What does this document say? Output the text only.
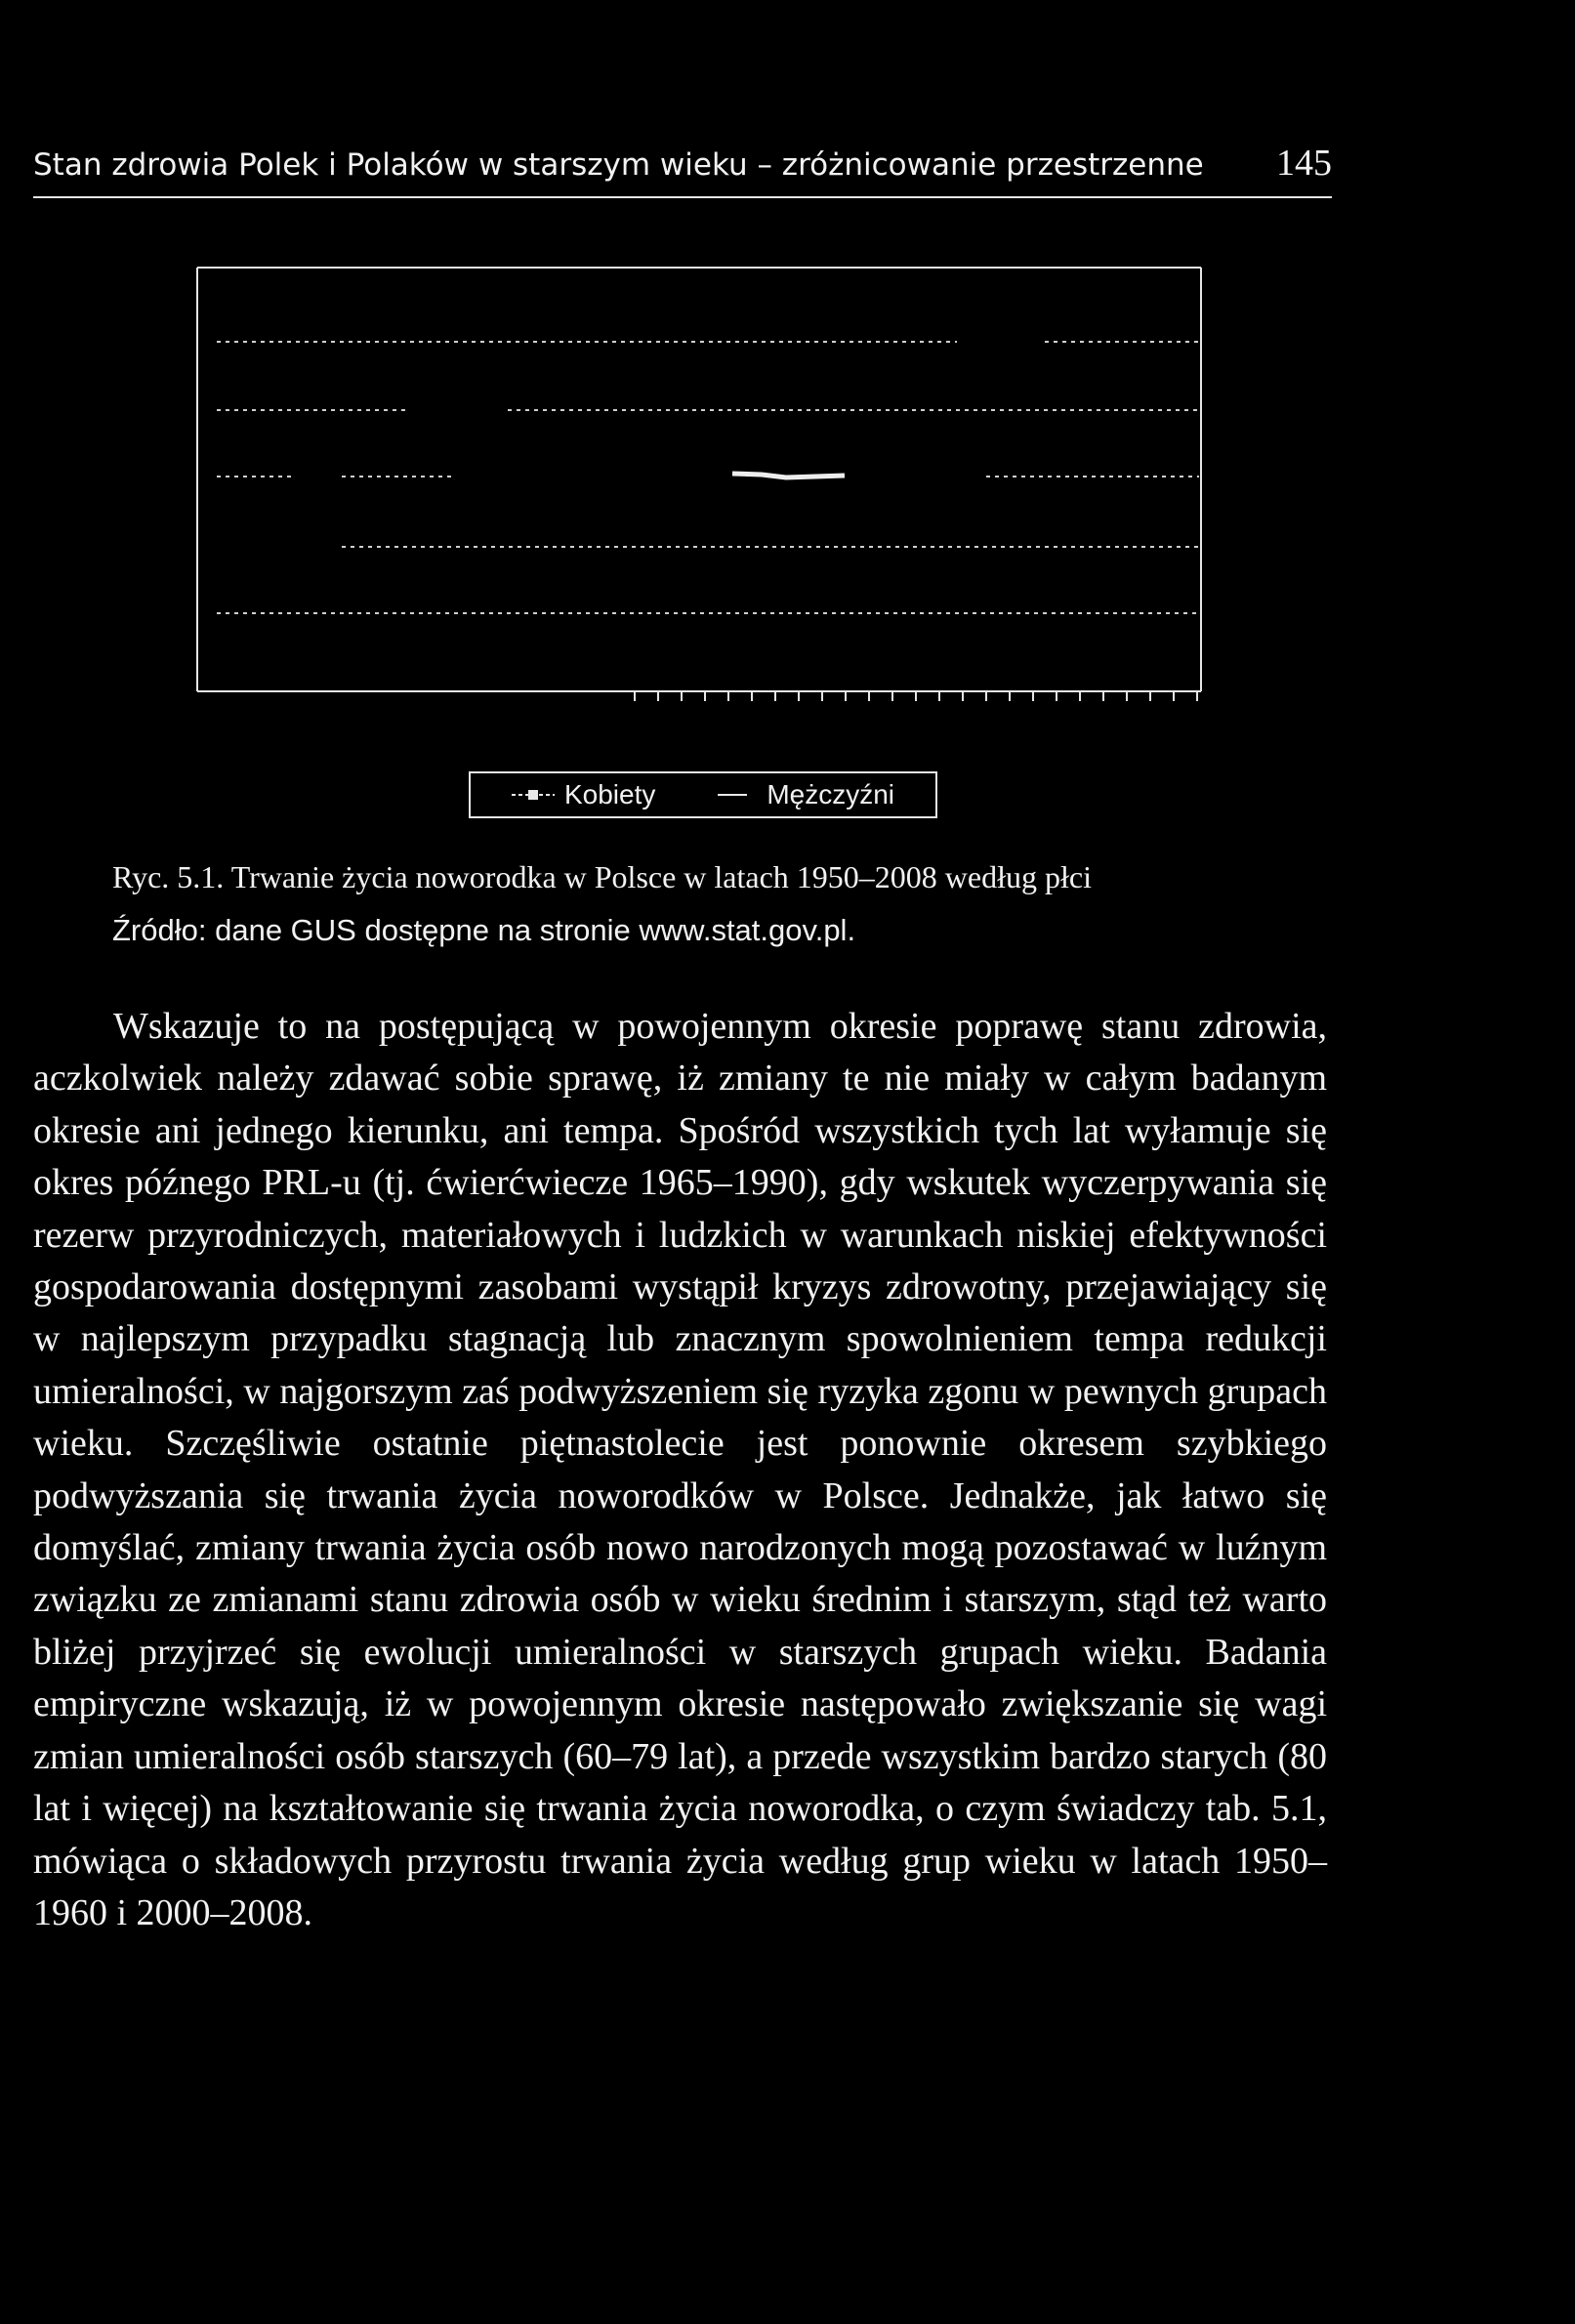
Stan zdrowia Polek i Polaków w starszym wieku – zróżnicowanie przestrzenne 145
Kobiety	Mężczyźni
Ryc. 5.1. Trwanie życia noworodka w Polsce w latach 1950–2008 według płci
Źródło: dane GUS dostępne na stronie www.stat.gov.pl.

Wskazuje to na postępującą w powojennym okresie poprawę stanu zdrowia, aczkolwiek należy zdawać sobie sprawę, iż zmiany te nie miały w całym badanym okresie ani jednego kierunku, ani tempa. Spośród wszystkich tych lat wyłamuje się okres późnego PRL-u (tj. ćwierćwiecze 1965–1990), gdy wskutek wyczerpywania się rezerw przyrodniczych, materiałowych i ludzkich w warunkach niskiej efektywności gospodarowania dostępnymi zasobami wystąpił kryzys zdrowotny, przejawiający się w najlepszym przypadku stagnacją lub znacznym spowolnieniem tempa redukcji umieralności, w najgorszym zaś podwyższeniem się ryzyka zgonu w pewnych grupach wieku. Szczęśliwie ostatnie piętnastolecie jest ponownie okresem szybkiego podwyższania się trwania życia noworodków w Polsce. Jednakże, jak łatwo się domyślać, zmiany trwania życia osób nowo narodzonych mogą pozostawać w luźnym związku ze zmianami stanu zdrowia osób w wieku średnim i starszym, stąd też warto bliżej przyjrzeć się ewolucji umieralności w starszych grupach wieku. Badania empiryczne wskazują, iż w powojennym okresie następowało zwiększanie się wagi zmian umieralności osób starszych (60–79 lat), a przede wszystkim bardzo starych (80 lat i więcej) na kształtowanie się trwania życia noworodka, o czym świadczy tab. 5.1, mówiąca o składowych przyrostu trwania życia według grup wieku w latach 1950–1960 i 2000–2008.
